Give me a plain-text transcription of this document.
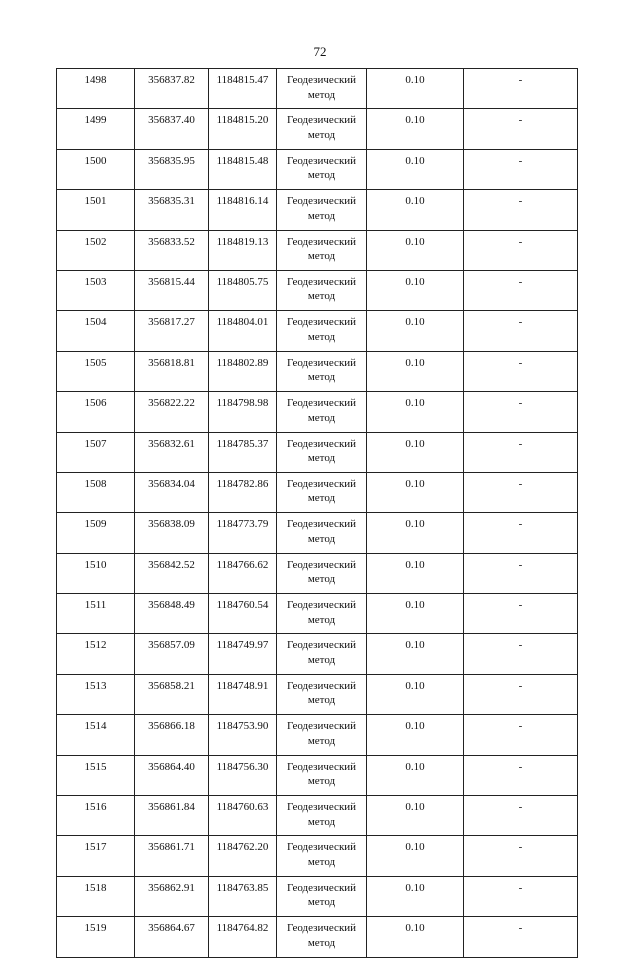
72
1498	356837.82	1184815.47	Геодезический метод	0.10	-
1499	356837.40	1184815.20	Геодезический метод	0.10	-
1500	356835.95	1184815.48	Геодезический метод	0.10	-
1501	356835.31	1184816.14	Геодезический метод	0.10	-
1502	356833.52	1184819.13	Геодезический метод	0.10	-
1503	356815.44	1184805.75	Геодезический метод	0.10	-
1504	356817.27	1184804.01	Геодезический метод	0.10	-
1505	356818.81	1184802.89	Геодезический метод	0.10	-
1506	356822.22	1184798.98	Геодезический метод	0.10	-
1507	356832.61	1184785.37	Геодезический метод	0.10	-
1508	356834.04	1184782.86	Геодезический метод	0.10	-
1509	356838.09	1184773.79	Геодезический метод	0.10	-
1510	356842.52	1184766.62	Геодезический метод	0.10	-
1511	356848.49	1184760.54	Геодезический метод	0.10	-
1512	356857.09	1184749.97	Геодезический метод	0.10	-
1513	356858.21	1184748.91	Геодезический метод	0.10	-
1514	356866.18	1184753.90	Геодезический метод	0.10	-
1515	356864.40	1184756.30	Геодезический метод	0.10	-
1516	356861.84	1184760.63	Геодезический метод	0.10	-
1517	356861.71	1184762.20	Геодезический метод	0.10	-
1518	356862.91	1184763.85	Геодезический метод	0.10	-
1519	356864.67	1184764.82	Геодезический метод	0.10	-
